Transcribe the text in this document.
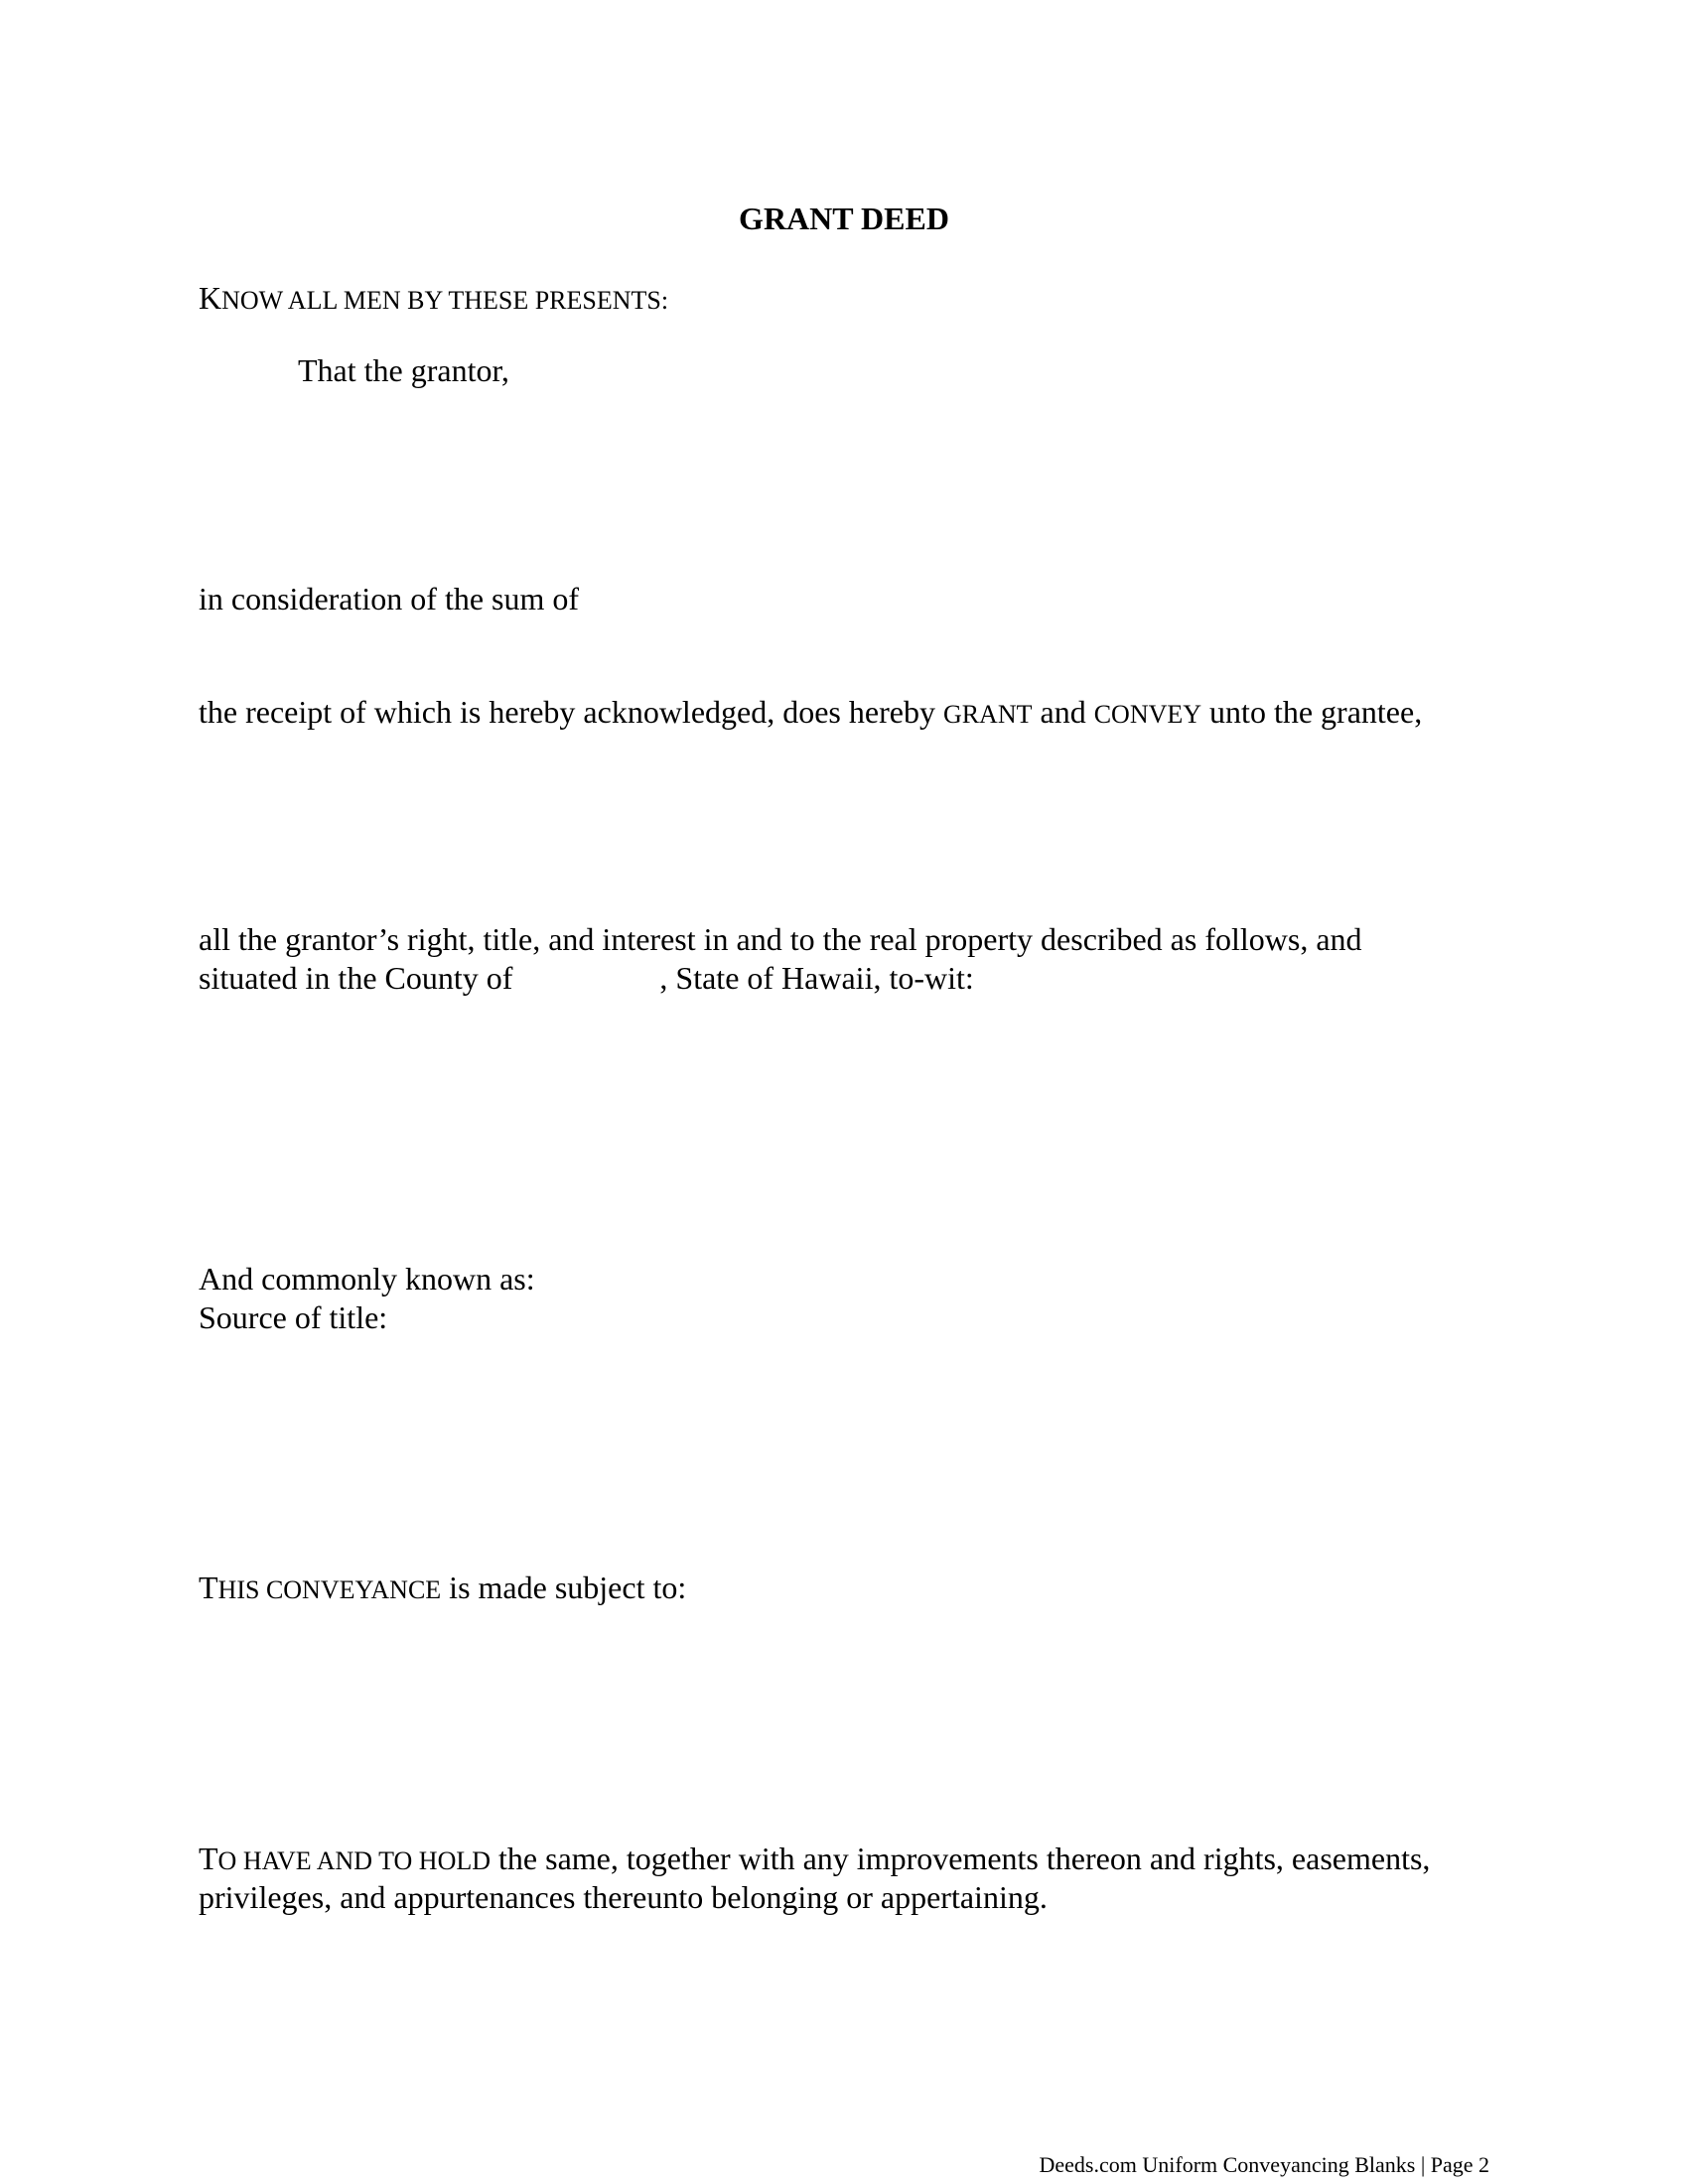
GRANT DEED

KNOW ALL MEN BY THESE PRESENTS:

That the grantor,

in consideration of the sum of

the receipt of which is hereby acknowledged, does hereby GRANT and CONVEY unto the grantee,

all the grantor’s right, title, and interest in and to the real property described as follows, and

situated in the County of	, State of Hawaii, to-wit:

And commonly known as:

Source of title:

THIS CONVEYANCE is made subject to:

TO HAVE AND TO HOLD the same, together with any improvements thereon and rights, easements,

privileges, and appurtenances thereunto belonging or appertaining.

Deeds.com Uniform Conveyancing Blanks | Page 2
